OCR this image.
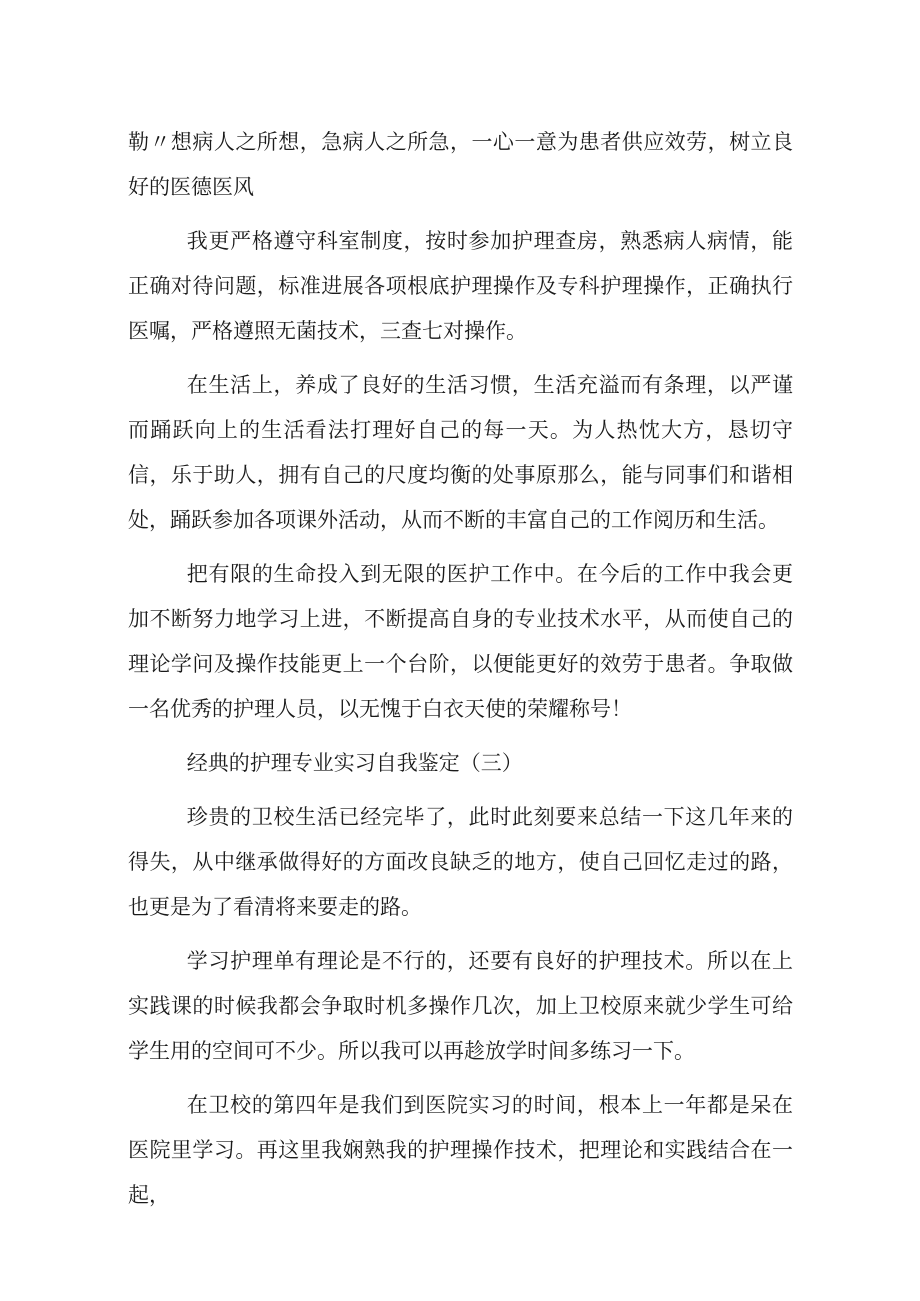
勒〃想病人之所想，急病人之所急，一心一意为患者供应效劳，树立良好的医德医风

我更严格遵守科室制度，按时参加护理查房，熟悉病人病情，能正确对待问题，标准进展各项根底护理操作及专科护理操作，正确执行医嘱，严格遵照无菌技术，三查七对操作。

在生活上，养成了良好的生活习惯，生活充溢而有条理，以严谨而踊跃向上的生活看法打理好自己的每一天。为人热忱大方，恳切守信，乐于助人，拥有自己的尺度均衡的处事原那么，能与同事们和谐相处，踊跃参加各项课外活动，从而不断的丰富自己的工作阅历和生活。

把有限的生命投入到无限的医护工作中。在今后的工作中我会更加不断努力地学习上进，不断提高自身的专业技术水平，从而使自己的理论学问及操作技能更上一个台阶，以便能更好的效劳于患者。争取做一名优秀的护理人员，以无愧于白衣天使的荣耀称号！

经典的护理专业实习自我鉴定（三）

珍贵的卫校生活已经完毕了，此时此刻要来总结一下这几年来的得失，从中继承做得好的方面改良缺乏的地方，使自己回忆走过的路，也更是为了看清将来要走的路。

学习护理单有理论是不行的，还要有良好的护理技术。所以在上实践课的时候我都会争取时机多操作几次，加上卫校原来就少学生可给学生用的空间可不少。所以我可以再趁放学时间多练习一下。

在卫校的第四年是我们到医院实习的时间，根本上一年都是呆在医院里学习。再这里我娴熟我的护理操作技术，把理论和实践结合在一起，
